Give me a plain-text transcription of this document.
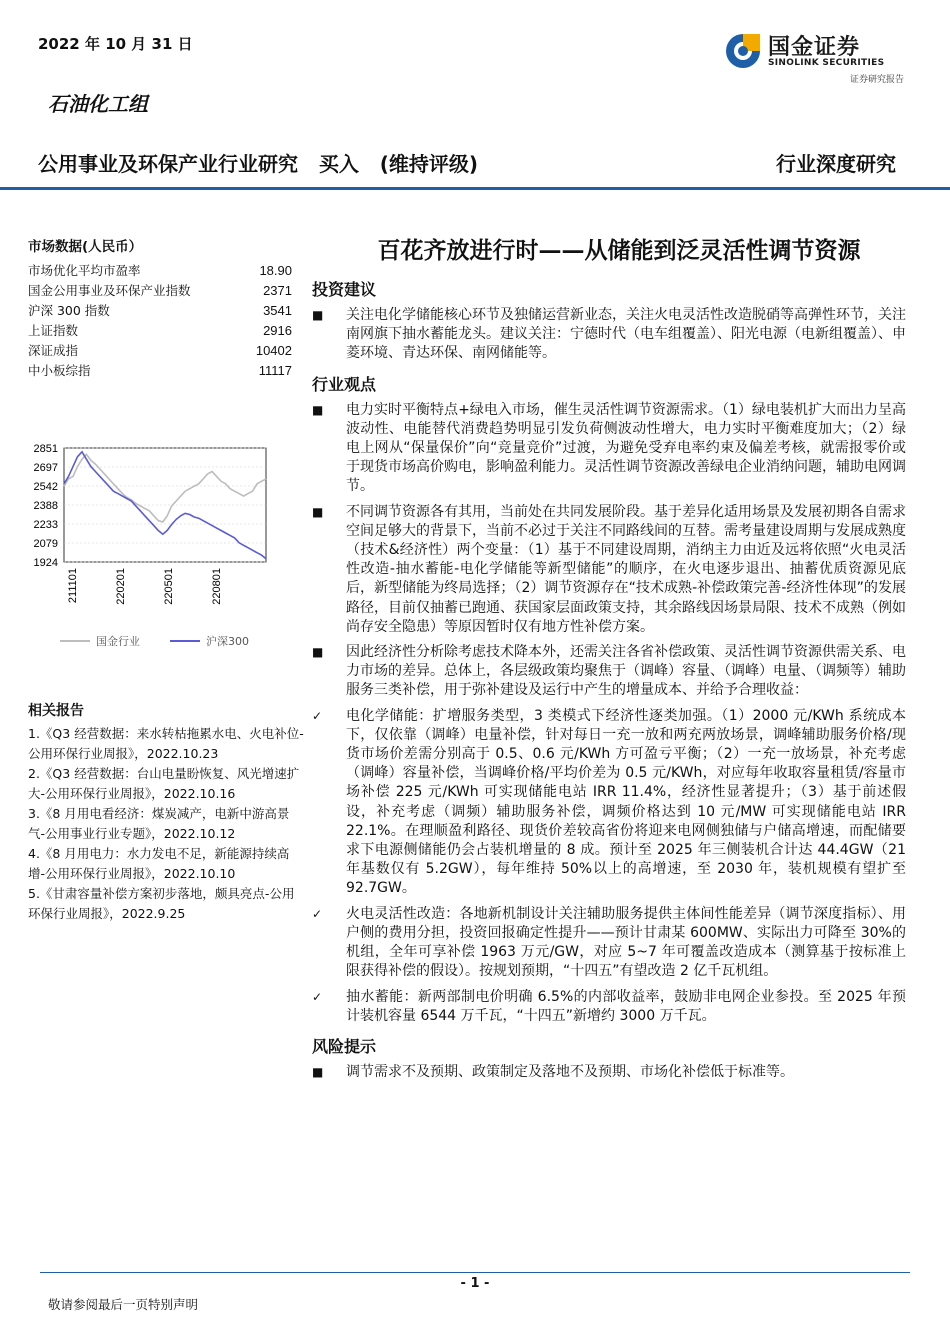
2022 年 10 月 31 日	国金证券
SINOLINK SECURITIES
证券研究报告
石油化工组
公用事业及环保产业行业研究   买入   (维持评级)	行业深度研究
市场数据(人民币）
市场优化平均市盈率	18.90
国金公用事业及环保产业指数	2371
沪深 300 指数	3541
上证指数	2916
深证成指	10402
中小板综指	11117
2851
2697
2542
2388
2233
2079
1924
211101	220201	220501	220801
国金行业	沪深300
相关报告
1.《Q3 经营数据：来水转枯拖累水电、火电补位-公用环保行业周报》，2022.10.23
2.《Q3 经营数据：台山电量盼恢复、风光增速扩大-公用环保行业周报》，2022.10.16
3.《8 月用电看经济：煤炭减产，电新中游高景气-公用事业行业专题》，2022.10.12
4.《8 月用电力：水力发电不足，新能源持续高增-公用环保行业周报》，2022.10.10
5.《甘肃容量补偿方案初步落地，颇具亮点-公用环保行业周报》，2022.9.25
百花齐放进行时——从储能到泛灵活性调节资源
投资建议
■	关注电化学储能核心环节及独储运营新业态，关注火电灵活性改造脱硝等高弹性环节，关注南网旗下抽水蓄能龙头。建议关注：宁德时代（电车组覆盖）、阳光电源（电新组覆盖）、申菱环境、青达环保、南网储能等。
行业观点
■	电力实时平衡特点+绿电入市场，催生灵活性调节资源需求。（1）绿电装机扩大而出力呈高波动性、电能替代消费趋势明显引发负荷侧波动性增大，电力实时平衡难度加大；（2）绿电上网从“保量保价”向“竞量竞价”过渡，为避免受弃电率约束及偏差考核，就需报零价或于现货市场高价购电，影响盈利能力。灵活性调节资源改善绿电企业消纳问题，辅助电网调节。
■	不同调节资源各有其用，当前处在共同发展阶段。基于差异化适用场景及发展初期各自需求空间足够大的背景下，当前不必过于关注不同路线间的互替。需考量建设周期与发展成熟度（技术&经济性）两个变量：（1）基于不同建设周期，消纳主力由近及远将依照“火电灵活性改造-抽水蓄能-电化学储能等新型储能”的顺序，在火电逐步退出、抽蓄优质资源见底后，新型储能为终局选择；（2）调节资源存在“技术成熟-补偿政策完善-经济性体现”的发展路径，目前仅抽蓄已跑通、获国家层面政策支持，其余路线因场景局限、技术不成熟（例如尚存安全隐患）等原因暂时仅有地方性补偿方案。
■	因此经济性分析除考虑技术降本外，还需关注各省补偿政策、灵活性调节资源供需关系、电力市场的差异。总体上，各层级政策均聚焦于（调峰）容量、（调峰）电量、（调频等）辅助服务三类补偿，用于弥补建设及运行中产生的增量成本、并给予合理收益：
✓	电化学储能：扩增服务类型，3 类模式下经济性逐类加强。（1）2000 元/KWh 系统成本下，仅依靠（调峰）电量补偿，针对每日一充一放和两充两放场景，调峰辅助服务价格/现货市场价差需分别高于 0.5、0.6 元/KWh 方可盈亏平衡；（2）一充一放场景，补充考虑（调峰）容量补偿，当调峰价格/平均价差为 0.5 元/KWh，对应每年收取容量租赁/容量市场补偿 225 元/KWh 可实现储能电站 IRR 11.4%，经济性显著提升；（3）基于前述假设，补充考虑（调频）辅助服务补偿，调频价格达到 10 元/MW 可实现储能电站 IRR 22.1%。在理顺盈利路径、现货价差较高省份将迎来电网侧独储与户储高增速，而配储要求下电源侧储能仍会占装机增量的 8 成。预计至 2025 年三侧装机合计达 44.4GW（21 年基数仅有 5.2GW），每年维持 50%以上的高增速，至 2030 年，装机规模有望扩至 92.7GW。
✓	火电灵活性改造：各地新机制设计关注辅助服务提供主体间性能差异（调节深度指标）、用户侧的费用分担，投资回报确定性提升——预计甘肃某 600MW、实际出力可降至 30%的机组，全年可享补偿 1963 万元/GW，对应 5~7 年可覆盖改造成本（测算基于按标准上限获得补偿的假设）。按规划预期，“十四五”有望改造 2 亿千瓦机组。
✓	抽水蓄能：新两部制电价明确 6.5%的内部收益率，鼓励非电网企业参投。至 2025 年预计装机容量 6544 万千瓦，“十四五”新增约 3000 万千瓦。
风险提示
■	调节需求不及预期、政策制定及落地不及预期、市场化补偿低于标准等。
- 1 -
敬请参阅最后一页特别声明
